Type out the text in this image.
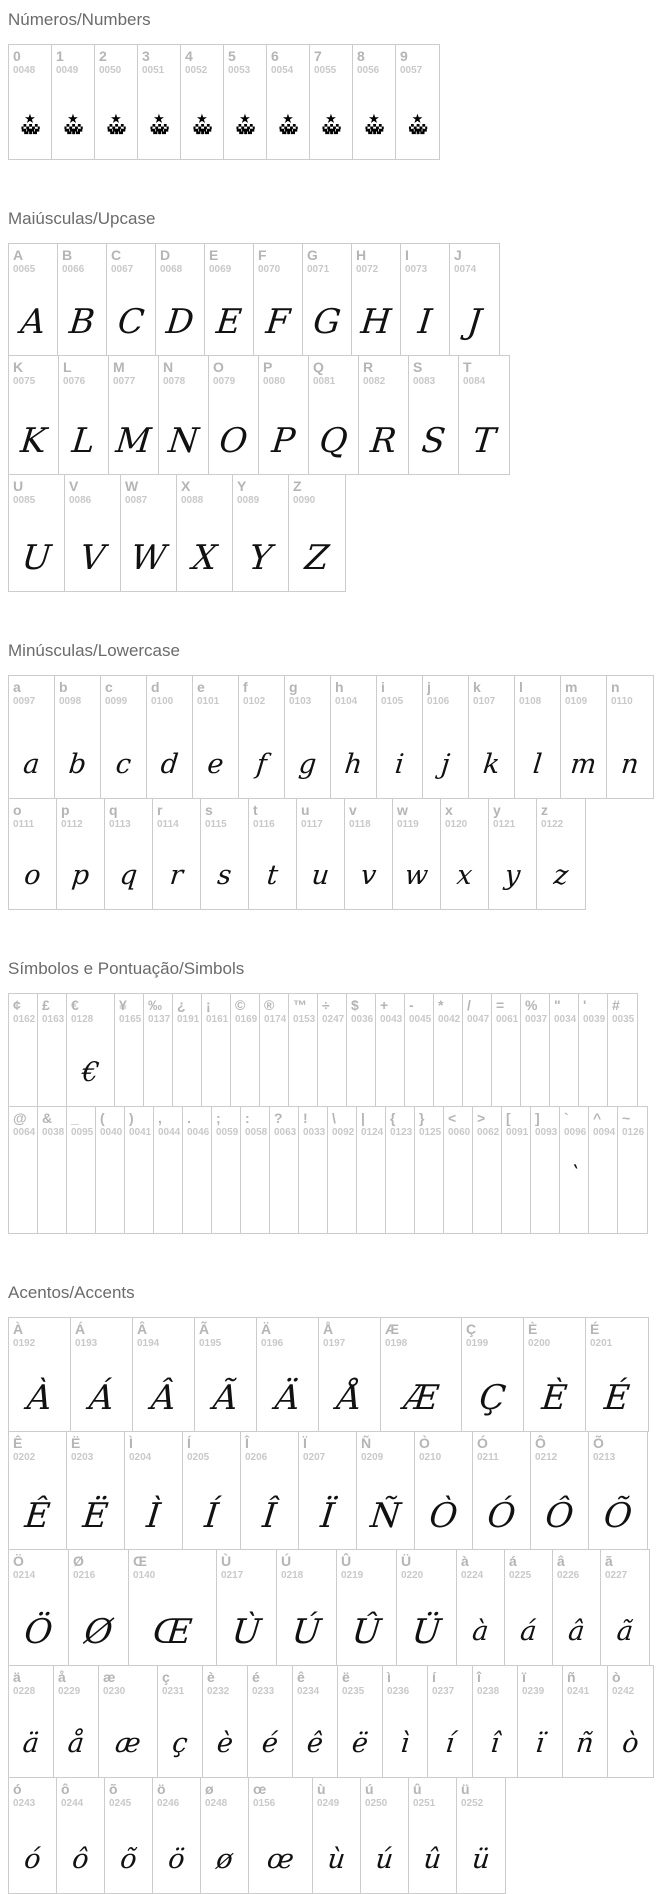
Números/Numbers
0
0048
★
▞▚▞▚▞▚
▀▙▜▛▟▀
1
0049
★
▞▚▞▚▞▚
▀▙▜▛▟▀
2
0050
★
▞▚▞▚▞▚
▀▙▜▛▟▀
3
0051
★
▞▚▞▚▞▚
▀▙▜▛▟▀
4
0052
★
▞▚▞▚▞▚
▀▙▜▛▟▀
5
0053
★
▞▚▞▚▞▚
▀▙▜▛▟▀
6
0054
★
▞▚▞▚▞▚
▀▙▜▛▟▀
7
0055
★
▞▚▞▚▞▚
▀▙▜▛▟▀
8
0056
★
▞▚▞▚▞▚
▀▙▜▛▟▀
9
0057
★
▞▚▞▚▞▚
▀▙▜▛▟▀
Maiúsculas/Upcase
A
0065
A
B
0066
B
C
0067
C
D
0068
D
E
0069
E
F
0070
F
G
0071
G
H
0072
H
I
0073
I
J
0074
J
K
0075
K
L
0076
L
M
0077
M
N
0078
N
O
0079
O
P
0080
P
Q
0081
Q
R
0082
R
S
0083
S
T
0084
T
U
0085
U
V
0086
V
W
0087
W
X
0088
X
Y
0089
Y
Z
0090
Z
Minúsculas/Lowercase
a
0097
a
b
0098
b
c
0099
c
d
0100
d
e
0101
e
f
0102
f
g
0103
g
h
0104
h
i
0105
i
j
0106
j
k
0107
k
l
0108
l
m
0109
m
n
0110
n
o
0111
o
p
0112
p
q
0113
q
r
0114
r
s
0115
s
t
0116
t
u
0117
u
v
0118
v
w
0119
w
x
0120
x
y
0121
y
z
0122
z
Símbolos e Pontuação/Simbols
¢
0162
£
0163
€
0128
€
¥
0165
‰
0137
¿
0191
¡
0161
©
0169
®
0174
™
0153
÷
0247
$
0036
+
0043
-
0045
*
0042
/
0047
=
0061
%
0037
"
0034
'
0039
#
0035
@
0064
&
0038
_
0095
(
0040
)
0041
,
0044
.
0046
;
0059
:
0058
?
0063
!
0033
\
0092
|
0124
{
0123
}
0125
<
0060
>
0062
[
0091
]
0093
`
0096
`
^
0094
~
0126
Acentos/Accents
À
0192
À
Á
0193
Á
Â
0194
Â
Ã
0195
Ã
Ä
0196
Ä
Å
0197
Å
Æ
0198
Æ
Ç
0199
Ç
È
0200
È
É
0201
É
Ê
0202
Ê
Ë
0203
Ë
Ì
0204
Ì
Í
0205
Í
Î
0206
Î
Ï
0207
Ï
Ñ
0209
Ñ
Ò
0210
Ò
Ó
0211
Ó
Ô
0212
Ô
Õ
0213
Õ
Ö
0214
Ö
Ø
0216
Ø
Œ
0140
Œ
Ù
0217
Ù
Ú
0218
Ú
Û
0219
Û
Ü
0220
Ü
à
0224
à
á
0225
á
â
0226
â
ã
0227
ã
ä
0228
ä
å
0229
å
æ
0230
æ
ç
0231
ç
è
0232
è
é
0233
é
ê
0234
ê
ë
0235
ë
ì
0236
ì
í
0237
í
î
0238
î
ï
0239
ï
ñ
0241
ñ
ò
0242
ò
ó
0243
ó
ô
0244
ô
õ
0245
õ
ö
0246
ö
ø
0248
ø
œ
0156
œ
ù
0249
ù
ú
0250
ú
û
0251
û
ü
0252
ü
